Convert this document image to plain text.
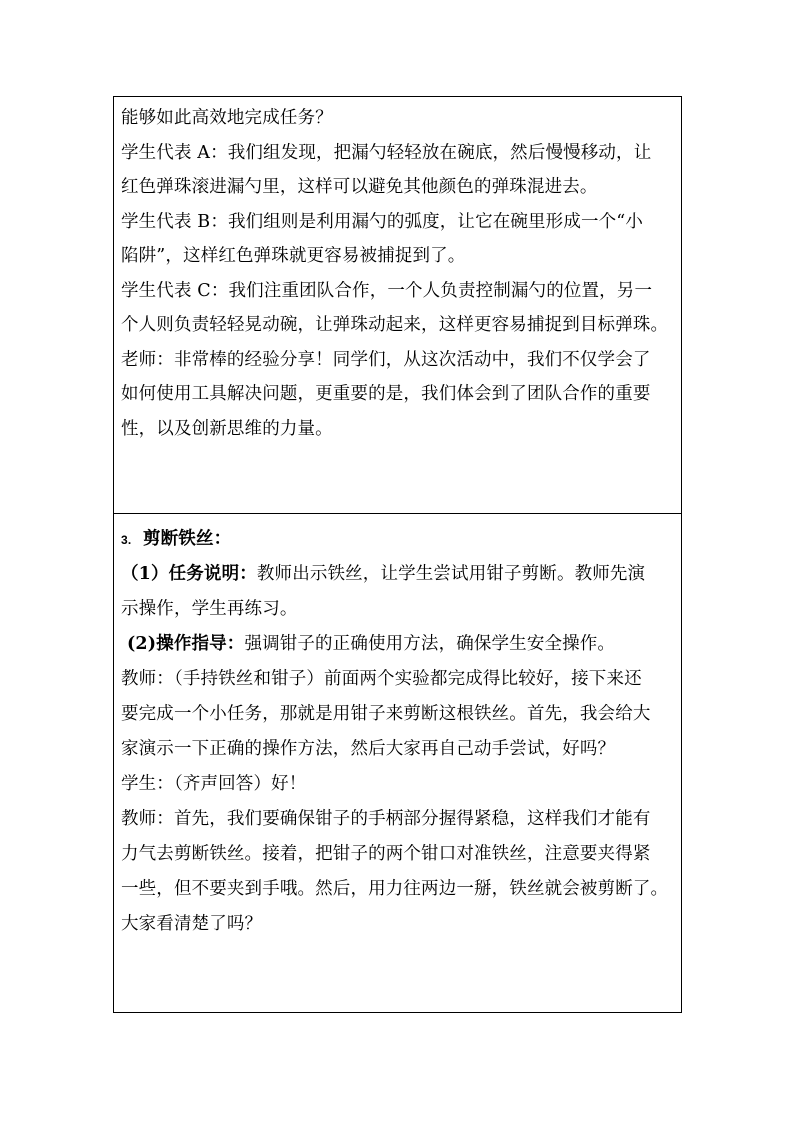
能够如此高效地完成任务？
学生代表 A：我们组发现，把漏勺轻轻放在碗底，然后慢慢移动，让
红色弹珠滚进漏勺里，这样可以避免其他颜色的弹珠混进去。
学生代表 B：我们组则是利用漏勺的弧度，让它在碗里形成一个“小
陷阱”，这样红色弹珠就更容易被捕捉到了。
学生代表 C：我们注重团队合作，一个人负责控制漏勺的位置，另一
个人则负责轻轻晃动碗，让弹珠动起来，这样更容易捕捉到目标弹珠。
老师：非常棒的经验分享！同学们，从这次活动中，我们不仅学会了
如何使用工具解决问题，更重要的是，我们体会到了团队合作的重要
性，以及创新思维的力量。
3. 剪断铁丝：
（1）任务说明：教师出示铁丝，让学生尝试用钳子剪断。教师先演
示操作，学生再练习。
(2)操作指导：强调钳子的正确使用方法，确保学生安全操作。
教师：（手持铁丝和钳子）前面两个实验都完成得比较好，接下来还
要完成一个小任务，那就是用钳子来剪断这根铁丝。首先，我会给大
家演示一下正确的操作方法，然后大家再自己动手尝试，好吗？
学生：（齐声回答）好！
教师：首先，我们要确保钳子的手柄部分握得紧稳，这样我们才能有
力气去剪断铁丝。接着，把钳子的两个钳口对准铁丝，注意要夹得紧
一些，但不要夹到手哦。然后，用力往两边一掰，铁丝就会被剪断了。
大家看清楚了吗？
